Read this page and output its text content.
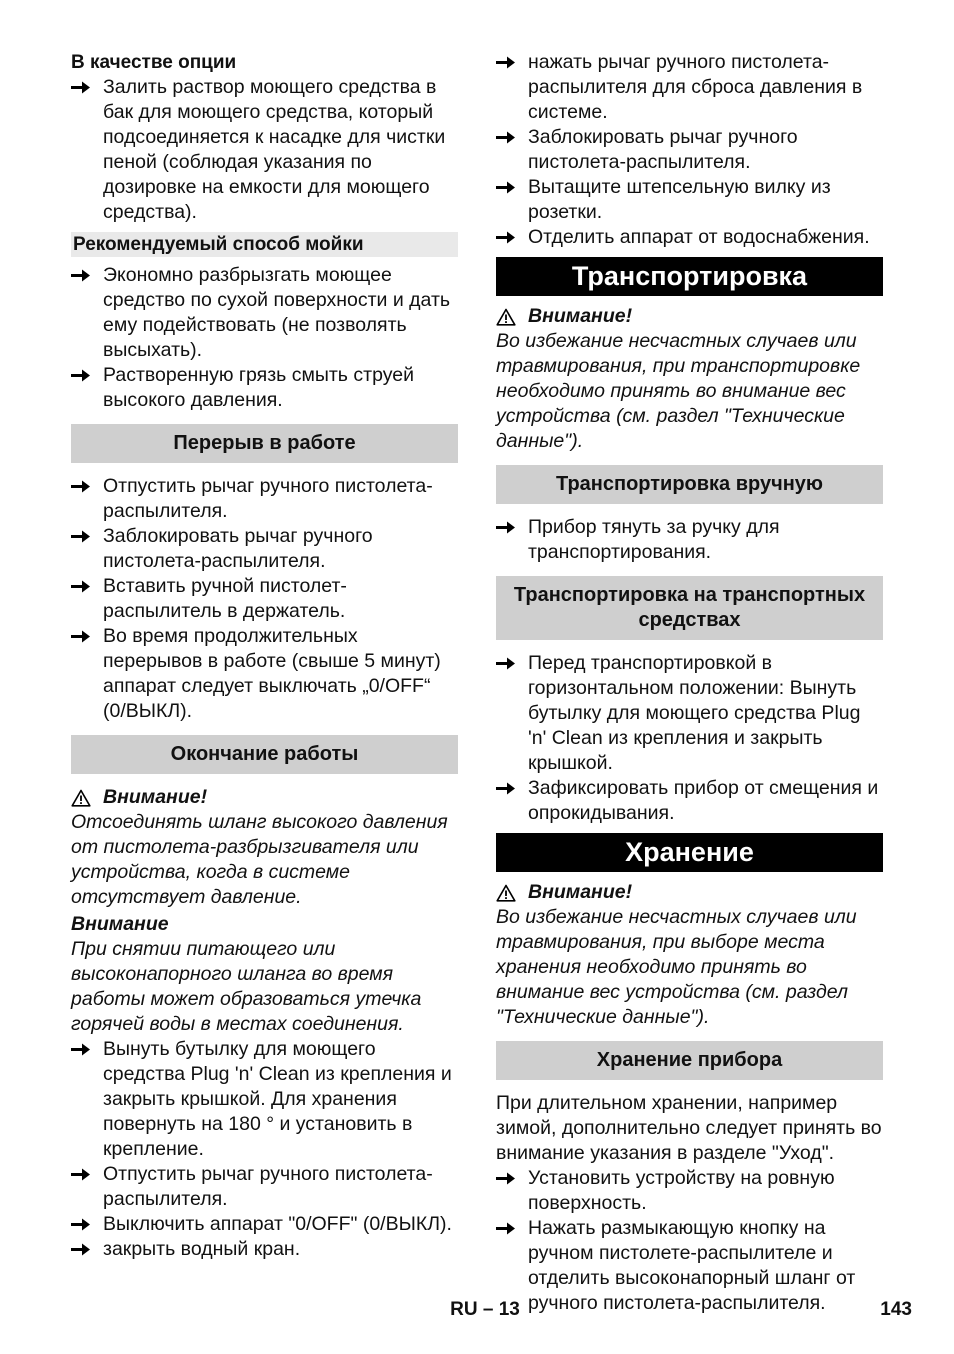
В качестве опции

Залить раствор моющего средства в бак для моющего средства, который подсоединяется к насадке для чистки пеной (соблюдая указания по дозировке на емкости для моющего средства).
Рекомендуемый способ мойки
Экономно разбрызгать моющее средство по сухой поверхности и дать ему подействовать (не позволять высыхать).
Растворенную грязь смыть струей высокого давления.
Перерыв в работе
Отпустить рычаг ручного пистолета-распылителя.
Заблокировать рычаг ручного пистолета-распылителя.
Вставить ручной пистолет-распылитель в держатель.
Во время продолжительных перерывов в работе (свыше 5 минут) аппарат следует выключать „0/OFF“ (0/ВЫКЛ).
Окончание работы

Внимание!

Отсоединять шланг высокого давления от пистолета-разбрызгивателя или устройства, когда в системе отсутствует давление.

Внимание

При снятии питающего или высоконапорного шланга во время работы может образоваться утечка горячей воды в местах соединения.

Вынуть бутылку для моющего средства Plug 'n' Clean из крепления и закрыть крышкой. Для хранения повернуть на 180 ° и установить в крепление.
Отпустить рычаг ручного пистолета-распылителя.
Выключить аппарат "0/OFF" (0/ВЫКЛ).
закрыть водный кран.
нажать рычаг ручного пистолета-распылителя для сброса давления в системе.
Заблокировать рычаг ручного пистолета-распылителя.
Вытащите штепсельную вилку из розетки.
Отделить аппарат от водоснабжения.
Транспортировка

Внимание!

Во избежание несчастных случаев или травмирования, при транспортировке необходимо принять во внимание вес устройства (см. раздел "Технические данные").

Транспортировка вручную
Прибор тянуть за ручку для транспортирования.
Транспортировка на транспортных средствах
Перед транспортировкой в горизонтальном положении: Вынуть бутылку для моющего средства Plug 'n' Clean из крепления и закрыть крышкой.
Зафиксировать прибор от смещения и опрокидывания.
Хранение

Внимание!

Во избежание несчастных случаев или травмирования, при выборе места хранения необходимо принять во внимание вес устройства (см. раздел "Технические данные").

Хранение прибора

При длительном хранении, например зимой, дополнительно следует принять во внимание указания в разделе "Уход".

Установить устройству на ровную поверхность.
Нажать размыкающую кнопку на ручном пистолете-распылителе и отделить высоконапорный шланг от ручного пистолета-распылителя.
RU – 13	143
